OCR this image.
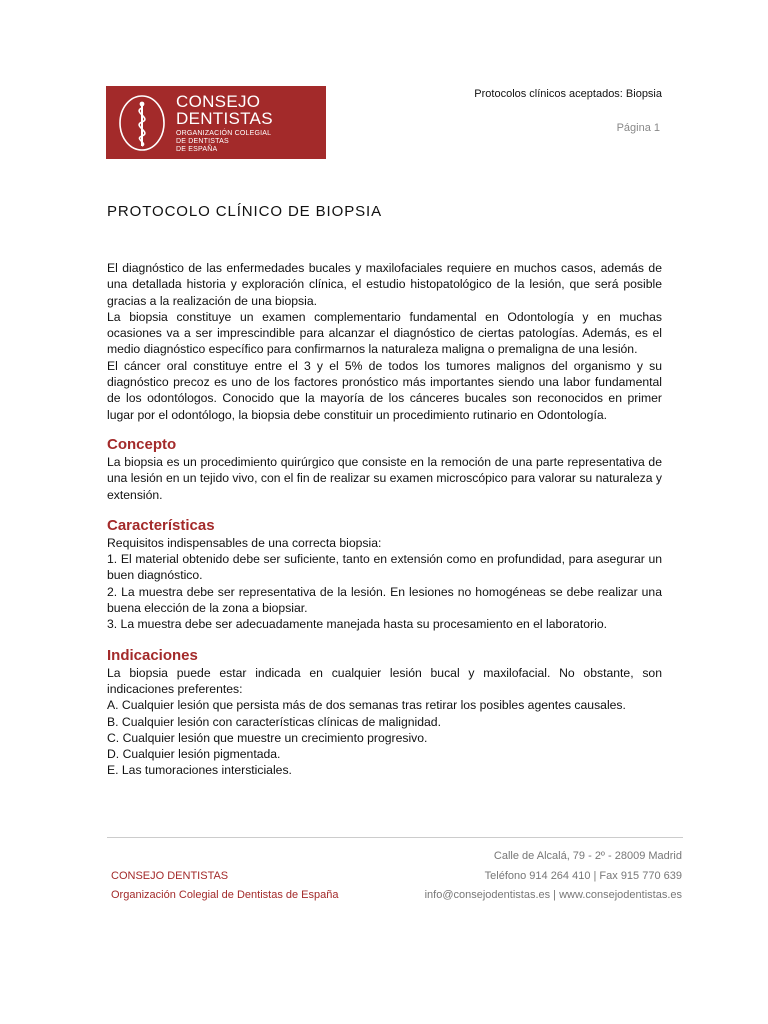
CONSEJO
DENTISTAS
ORGANIZACIÓN COLEGIAL
DE DENTISTAS
DE ESPAÑA
Protocolos clínicos aceptados: Biopsia
Página 1
PROTOCOLO CLÍNICO DE BIOPSIA

El diagnóstico de las enfermedades bucales y maxilofaciales requiere en muchos casos, además de una detallada historia y exploración clínica, el estudio histopatológico de la lesión, que será posible gracias a la realización de una biopsia.

La biopsia constituye un examen complementario fundamental en Odontología y en muchas ocasiones va a ser imprescindible para alcanzar el diagnóstico de ciertas patologías. Además, es el medio diagnóstico específico para confirmarnos la naturaleza maligna o premaligna de una lesión.

El cáncer oral constituye entre el 3 y el 5% de todos los tumores malignos del organismo y su diagnóstico precoz es uno de los factores pronóstico más importantes siendo una labor fundamental de los odontólogos. Conocido que la mayoría de los cánceres bucales son reconocidos en primer lugar por el odontólogo, la biopsia debe constituir un procedimiento rutinario en Odontología.

Concepto

La biopsia es un procedimiento quirúrgico que consiste en la remoción de una parte representativa de una lesión en un tejido vivo, con el fin de realizar su examen microscópico para valorar su naturaleza y extensión.

Características

Requisitos indispensables de una correcta biopsia:

1. El material obtenido debe ser suficiente, tanto en extensión como en profundidad, para asegurar un buen diagnóstico.

2. La muestra debe ser representativa de la lesión. En lesiones no homogéneas se debe realizar una buena elección de la zona a biopsiar.

3. La muestra debe ser adecuadamente manejada hasta su procesamiento en el laboratorio.

Indicaciones

La biopsia puede estar indicada en cualquier lesión bucal y maxilofacial. No obstante, son indicaciones preferentes:

A. Cualquier lesión que persista más de dos semanas tras retirar los posibles agentes causales.

B. Cualquier lesión con características clínicas de malignidad.

C. Cualquier lesión que muestre un crecimiento progresivo.

D. Cualquier lesión pigmentada.

E. Las tumoraciones intersticiales.

CONSEJO DENTISTAS
Organización Colegial de Dentistas de España
Calle de Alcalá, 79 - 2º - 28009 Madrid
Teléfono 914 264 410 | Fax 915 770 639
info@consejodentistas.es | www.consejodentistas.es
